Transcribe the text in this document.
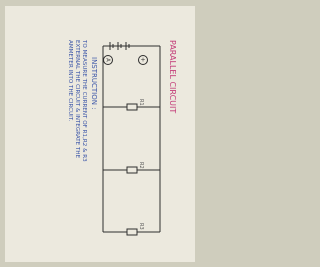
A	+
R1
R2
R3
PARALLEL CIRCUIT
INSTRUCTION :
TO MEASURE THE CURRENT OF R1,R2 & R3
EXTERNAL THE CIRCUIT & INTEGRATE THE
AMMETER INTO THE CIRCUIT.
